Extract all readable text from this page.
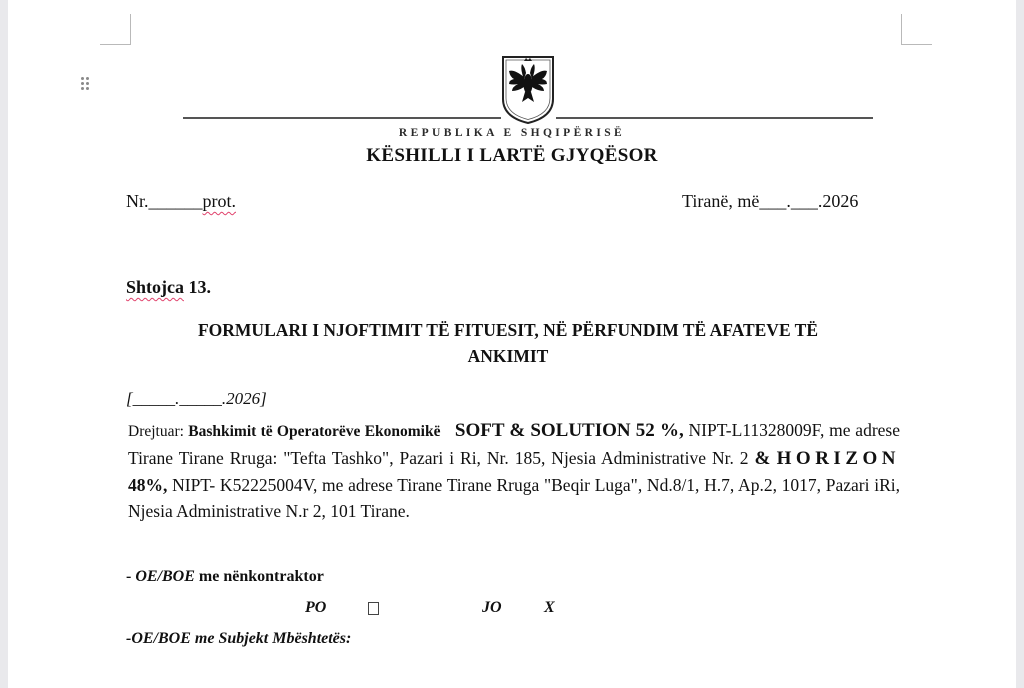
REPUBLIKA E SHQIPËRISË
KËSHILLI I LARTË GJYQËSOR
Nr.______prot.	Tiranë, më___.___.2026
Shtojca 13.
FORMULARI I NJOFTIMIT TË FITUESIT, NË PËRFUNDIM TË AFATEVE TË
ANKIMIT
[_____._____.2026]
Drejtuar: Bashkimit të Operatorëve Ekonomikë SOFT & SOLUTION 52 %, NIPT-L11328009F, me adrese Tirane Tirane Rruga: "Tefta Tashko", Pazari i Ri, Nr. 185, Njesia Administrative Nr. 2 & HORIZON 48%, NIPT- K52225004V, me adrese Tirane Tirane Rruga "Beqir Luga", Nd.8/1, H.7, Ap.2, 1017, Pazari iRi, Njesia Administrative N.r 2, 101 Tirane.
- OE/BOE me nënkontraktor
PO	JO	X
-OE/BOE me Subjekt Mbështetës:
